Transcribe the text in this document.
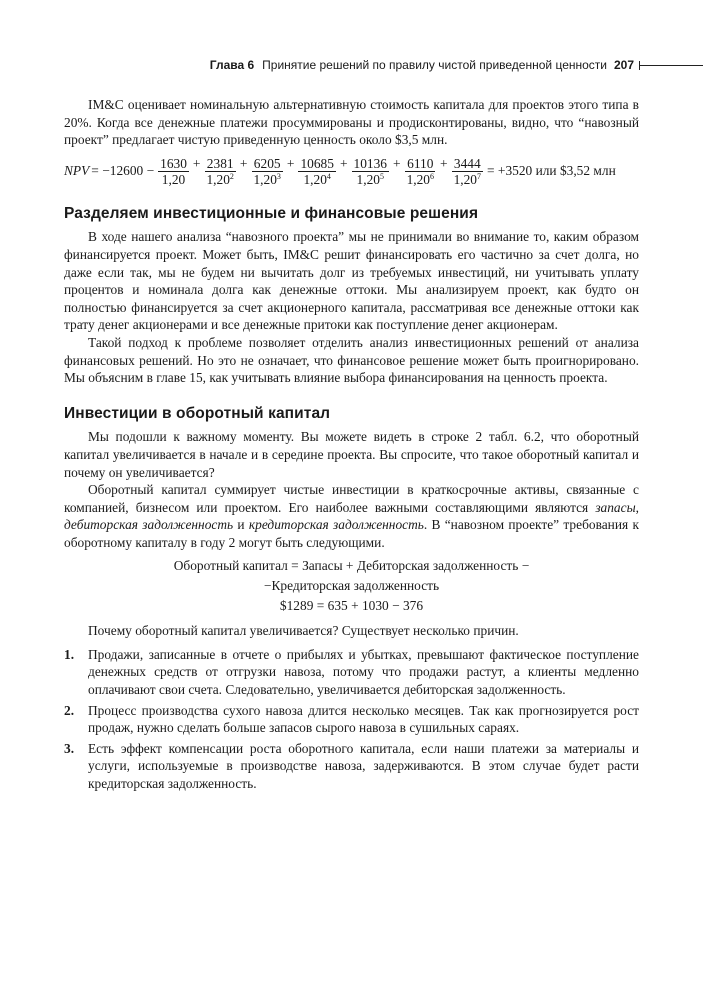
Глава 6 Принятие решений по правилу чистой приведенной ценности 207

IM&C оценивает номинальную альтернативную стоимость капитала для проектов этого типа в 20%. Когда все денежные платежи просуммированы и продисконтированы, видно, что “навозный проект” предлагает чистую приведенную ценность около $3,5 млн.

NPV = $-12600 - \frac{1630}{1,20} + \frac{2381}{1,20^2} + \frac{6205}{1,20^3} + \frac{10685}{1,20^4} + \frac{10136}{1,20^5} + \frac{6110}{1,20^6} + \frac{3444}{1,20^7} = +3520$ или $3,52 млн
Разделяем инвестиционные и финансовые решения

В ходе нашего анализа “навозного проекта” мы не принимали во внимание то, каким образом финансируется проект. Может быть, IM&C решит финансировать его частично за счет долга, но даже если так, мы не будем ни вычитать долг из требуемых инвестиций, ни учитывать уплату процентов и номинала долга как денежные оттоки. Мы анализируем проект, как будто он полностью финансируется за счет акционерного капитала, рассматривая все денежные оттоки как трату денег акционерами и все денежные притоки как поступление денег акционерам.

Такой подход к проблеме позволяет отделить анализ инвестиционных решений от анализа финансовых решений. Но это не означает, что финансовое решение может быть проигнорировано. Мы объясним в главе 15, как учитывать влияние выбора финансирования на ценность проекта.

Инвестиции в оборотный капитал

Мы подошли к важному моменту. Вы можете видеть в строке 2 табл. 6.2, что оборотный капитал увеличивается в начале и в середине проекта. Вы спросите, что такое оборотный капитал и почему он увеличивается?

Оборотный капитал суммирует чистые инвестиции в краткосрочные активы, связанные с компанией, бизнесом или проектом. Его наиболее важными составляющими являются запасы, дебиторская задолженность и кредиторская задолженность. В “навозном проекте” требования к оборотному капиталу в году 2 могут быть следующими.

Оборотный капитал = Запасы + Дебиторская задолженность −
−Кредиторская задолженность
$1289 = 635 + 1030 − 376

Почему оборотный капитал увеличивается? Существует несколько причин.

1. Продажи, записанные в отчете о прибылях и убытках, превышают фактическое поступление денежных средств от отгрузки навоза, потому что продажи растут, а клиенты медленно оплачивают свои счета. Следовательно, увеличивается дебиторская задолженность.
2. Процесс производства сухого навоза длится несколько месяцев. Так как прогнозируется рост продаж, нужно сделать больше запасов сырого навоза в сушильных сараях.
3. Есть эффект компенсации роста оборотного капитала, если наши платежи за материалы и услуги, используемые в производстве навоза, задерживаются. В этом случае будет расти кредиторская задолженность.
